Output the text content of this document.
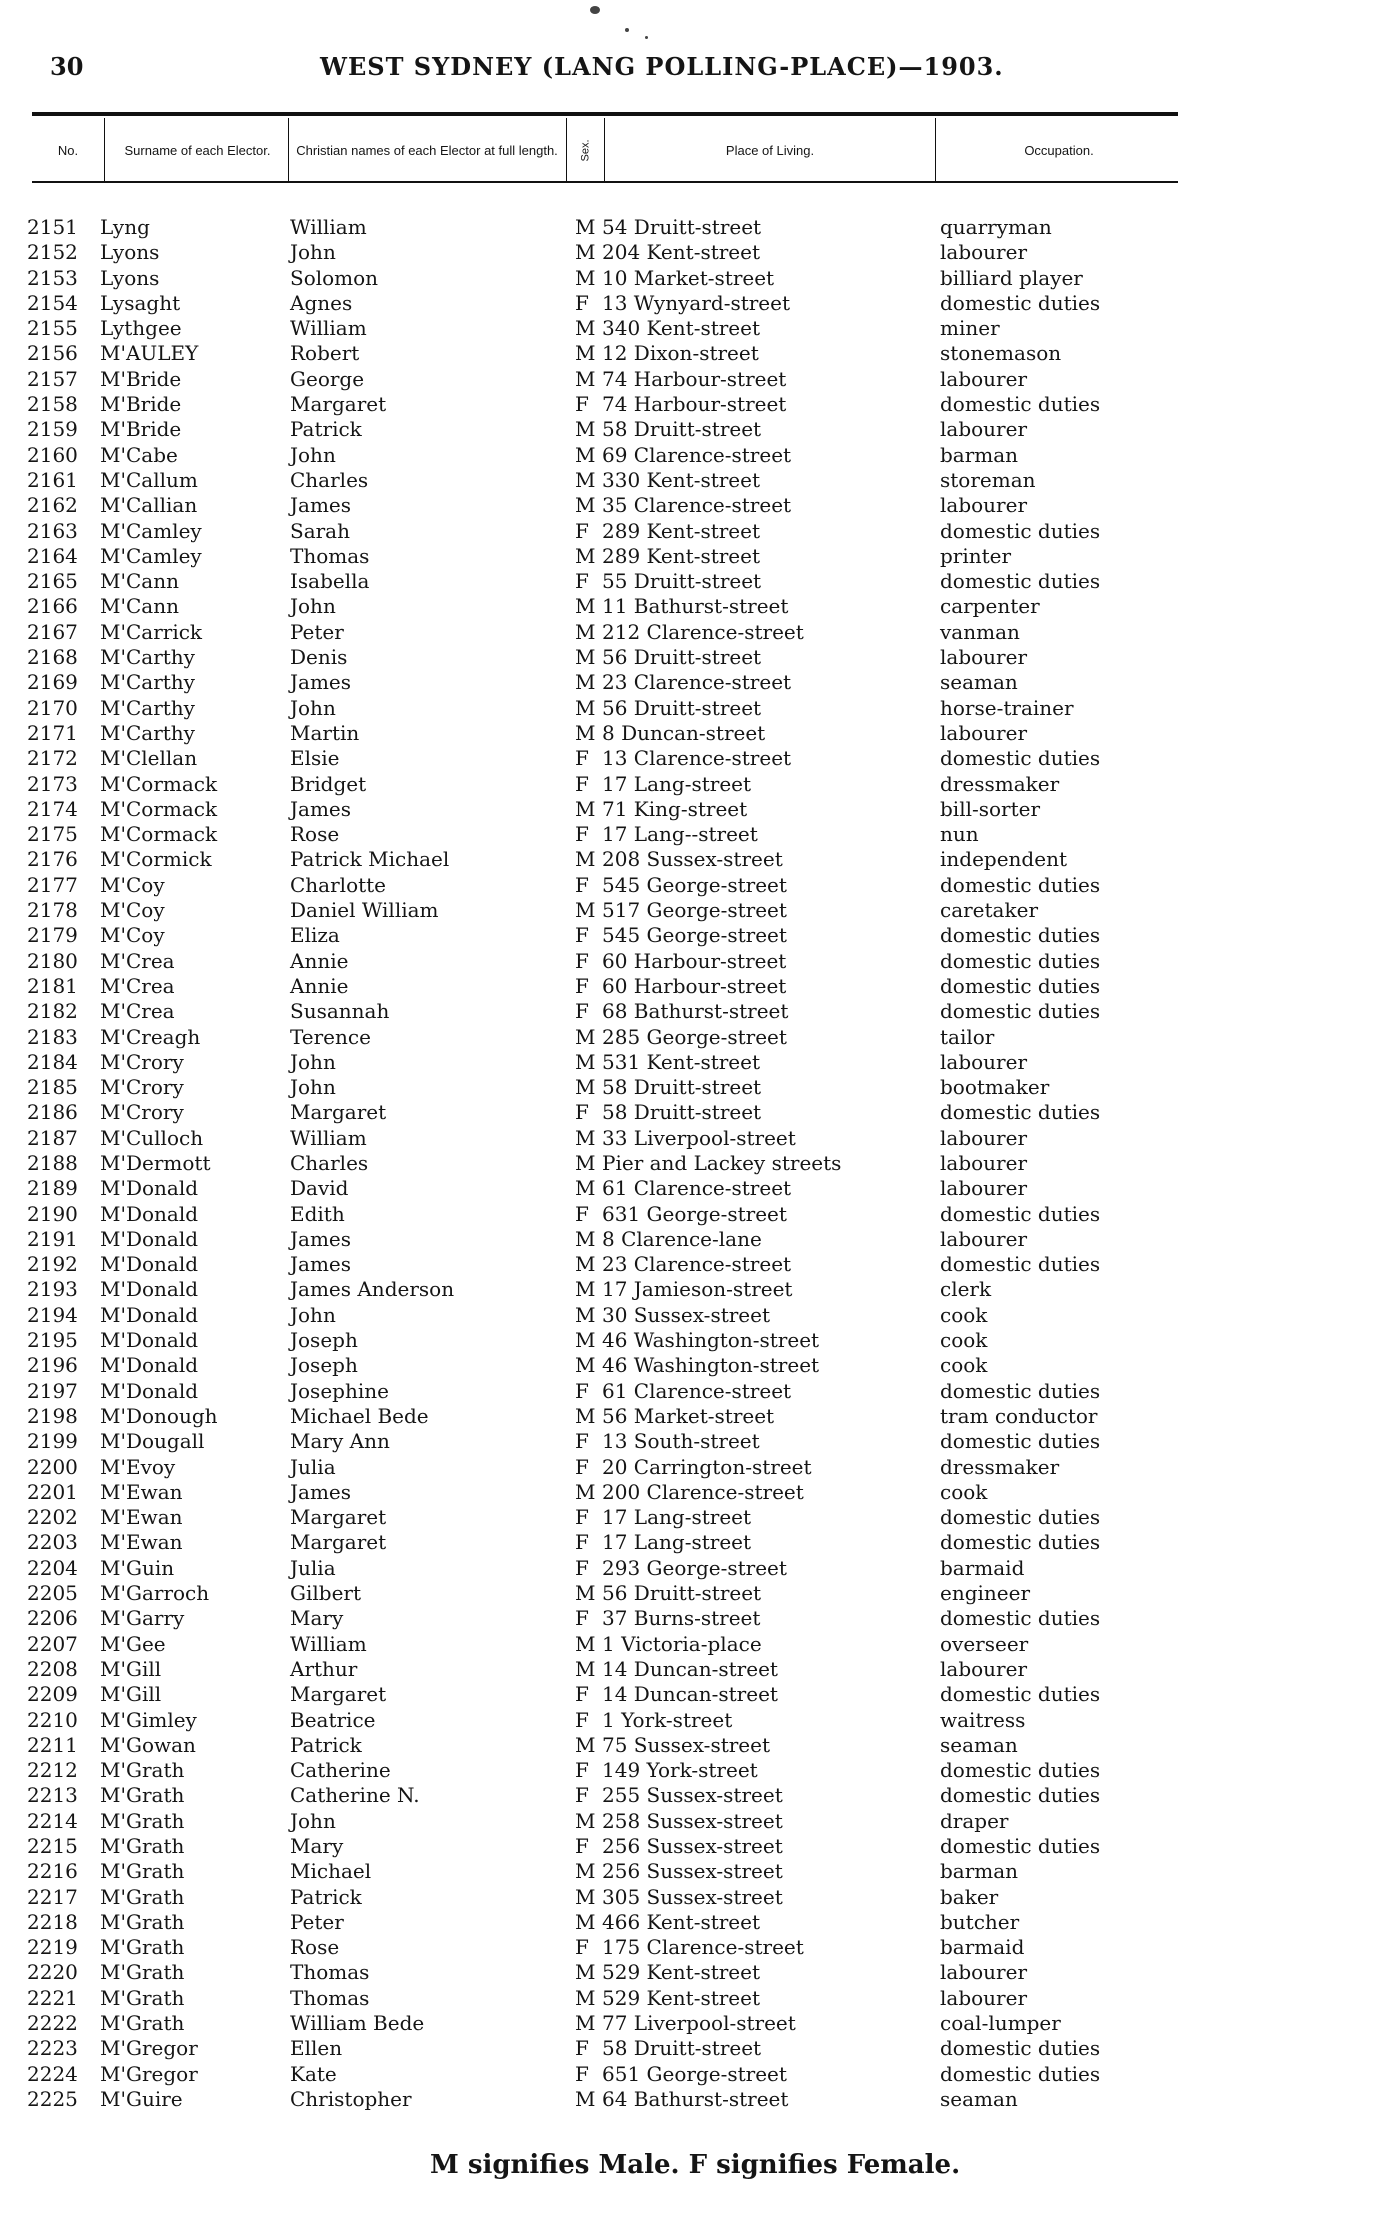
30	WEST SYDNEY (LANG POLLING-PLACE)—1903.
No.	Surname of each Elector.	Christian names of each Elector at full length.	Sex.	Place of Living.	Occupation.
2151 Lyng	William	M 54 Druitt-street	quarryman
2152 Lyons	John	M 204 Kent-street	labourer
2153 Lyons	Solomon	M 10 Market-street	billiard player
2154 Lysaght	Agnes	F 13 Wynyard-street	domestic duties
2155 Lythgee	William	M 340 Kent-street	miner
2156 M'AULEY	Robert	M 12 Dixon-street	stonemason
2157 M'Bride	George	M 74 Harbour-street	labourer
2158 M'Bride	Margaret	F 74 Harbour-street	domestic duties
2159 M'Bride	Patrick	M 58 Druitt-street	labourer
2160 M'Cabe	John	M 69 Clarence-street	barman
2161 M'Callum	Charles	M 330 Kent-street	storeman
2162 M'Callian	James	M 35 Clarence-street	labourer
2163 M'Camley	Sarah	F 289 Kent-street	domestic duties
2164 M'Camley	Thomas	M 289 Kent-street	printer
2165 M'Cann	Isabella	F 55 Druitt-street	domestic duties
2166 M'Cann	John	M 11 Bathurst-street	carpenter
2167 M'Carrick	Peter	M 212 Clarence-street	vanman
2168 M'Carthy	Denis	M 56 Druitt-street	labourer
2169 M'Carthy	James	M 23 Clarence-street	seaman
2170 M'Carthy	John	M 56 Druitt-street	horse-trainer
2171 M'Carthy	Martin	M 8 Duncan-street	labourer
2172 M'Clellan	Elsie	F 13 Clarence-street	domestic duties
2173 M'Cormack	Bridget	F 17 Lang-street	dressmaker
2174 M'Cormack	James	M 71 King-street	bill-sorter
2175 M'Cormack	Rose	F 17 Lang--street	nun
2176 M'Cormick	Patrick Michael	M 208 Sussex-street	independent
2177 M'Coy	Charlotte	F 545 George-street	domestic duties
2178 M'Coy	Daniel William	M 517 George-street	caretaker
2179 M'Coy	Eliza	F 545 George-street	domestic duties
2180 M'Crea	Annie	F 60 Harbour-street	domestic duties
2181 M'Crea	Annie	F 60 Harbour-street	domestic duties
2182 M'Crea	Susannah	F 68 Bathurst-street	domestic duties
2183 M'Creagh	Terence	M 285 George-street	tailor
2184 M'Crory	John	M 531 Kent-street	labourer
2185 M'Crory	John	M 58 Druitt-street	bootmaker
2186 M'Crory	Margaret	F 58 Druitt-street	domestic duties
2187 M'Culloch	William	M 33 Liverpool-street	labourer
2188 M'Dermott	Charles	M Pier and Lackey streets	labourer
2189 M'Donald	David	M 61 Clarence-street	labourer
2190 M'Donald	Edith	F 631 George-street	domestic duties
2191 M'Donald	James	M 8 Clarence-lane	labourer
2192 M'Donald	James	M 23 Clarence-street	domestic duties
2193 M'Donald	James Anderson	M 17 Jamieson-street	clerk
2194 M'Donald	John	M 30 Sussex-street	cook
2195 M'Donald	Joseph	M 46 Washington-street	cook
2196 M'Donald	Joseph	M 46 Washington-street	cook
2197 M'Donald	Josephine	F 61 Clarence-street	domestic duties
2198 M'Donough	Michael Bede	M 56 Market-street	tram conductor
2199 M'Dougall	Mary Ann	F 13 South-street	domestic duties
2200 M'Evoy	Julia	F 20 Carrington-street	dressmaker
2201 M'Ewan	James	M 200 Clarence-street	cook
2202 M'Ewan	Margaret	F 17 Lang-street	domestic duties
2203 M'Ewan	Margaret	F 17 Lang-street	domestic duties
2204 M'Guin	Julia	F 293 George-street	barmaid
2205 M'Garroch	Gilbert	M 56 Druitt-street	engineer
2206 M'Garry	Mary	F 37 Burns-street	domestic duties
2207 M'Gee	William	M 1 Victoria-place	overseer
2208 M'Gill	Arthur	M 14 Duncan-street	labourer
2209 M'Gill	Margaret	F 14 Duncan-street	domestic duties
2210 M'Gimley	Beatrice	F 1 York-street	waitress
2211 M'Gowan	Patrick	M 75 Sussex-street	seaman
2212 M'Grath	Catherine	F 149 York-street	domestic duties
2213 M'Grath	Catherine N.	F 255 Sussex-street	domestic duties
2214 M'Grath	John	M 258 Sussex-street	draper
2215 M'Grath	Mary	F 256 Sussex-street	domestic duties
2216 M'Grath	Michael	M 256 Sussex-street	barman
2217 M'Grath	Patrick	M 305 Sussex-street	baker
2218 M'Grath	Peter	M 466 Kent-street	butcher
2219 M'Grath	Rose	F 175 Clarence-street	barmaid
2220 M'Grath	Thomas	M 529 Kent-street	labourer
2221 M'Grath	Thomas	M 529 Kent-street	labourer
2222 M'Grath	William Bede	M 77 Liverpool-street	coal-lumper
2223 M'Gregor	Ellen	F 58 Druitt-street	domestic duties
2224 M'Gregor	Kate	F 651 George-street	domestic duties
2225 M'Guire	Christopher	M 64 Bathurst-street	seaman
M signifies Male. F signifies Female.
